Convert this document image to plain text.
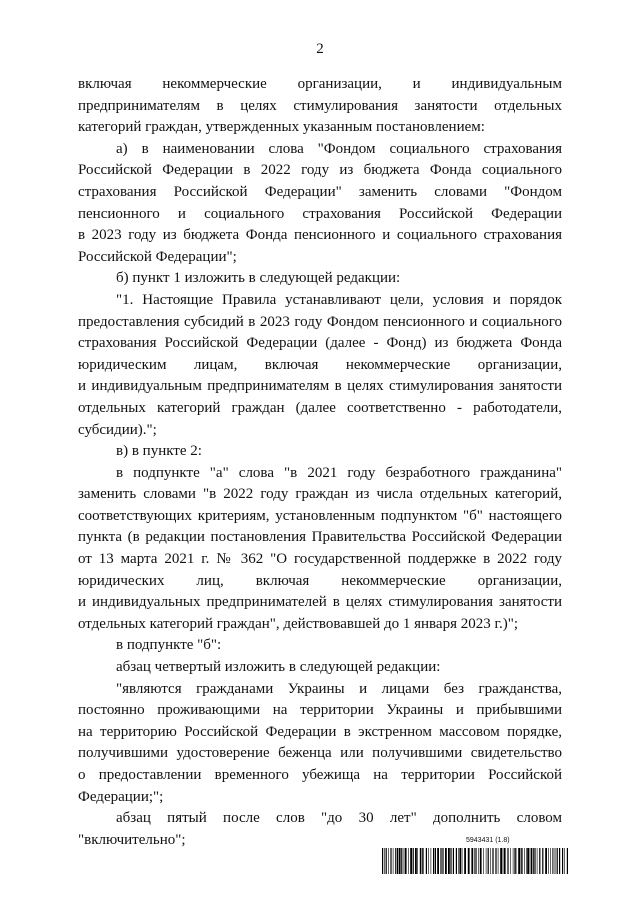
2
включая некоммерческие организации, и индивидуальным
предпринимателям в целях стимулирования занятости отдельных
категорий граждан, утвержденных указанным постановлением:
а) в наименовании слова "Фондом социального страхования
Российской Федерации в 2022 году из бюджета Фонда социального
страхования Российской Федерации" заменить словами "Фондом
пенсионного и социального страхования Российской Федерации
в 2023 году из бюджета Фонда пенсионного и социального страхования
Российской Федерации";
б) пункт 1 изложить в следующей редакции:
"1. Настоящие Правила устанавливают цели, условия и порядок
предоставления субсидий в 2023 году Фондом пенсионного и социального
страхования Российской Федерации (далее - Фонд) из бюджета Фонда
юридическим лицам, включая некоммерческие организации,
и индивидуальным предпринимателям в целях стимулирования занятости
отдельных категорий граждан (далее соответственно - работодатели,
субсидии).";
в) в пункте 2:
в подпункте "а" слова "в 2021 году безработного гражданина"
заменить словами "в 2022 году граждан из числа отдельных категорий,
соответствующих критериям, установленным подпунктом "б" настоящего
пункта (в редакции постановления Правительства Российской Федерации
от 13 марта 2021 г. № 362 "О государственной поддержке в 2022 году
юридических лиц, включая некоммерческие организации,
и индивидуальных предпринимателей в целях стимулирования занятости
отдельных категорий граждан", действовавшей до 1 января 2023 г.)";
в подпункте "б":
абзац четвертый изложить в следующей редакции:
"являются гражданами Украины и лицами без гражданства,
постоянно проживающими на территории Украины и прибывшими
на территорию Российской Федерации в экстренном массовом порядке,
получившими удостоверение беженца или получившими свидетельство
о предоставлении временного убежища на территории Российской
Федерации;";
абзац пятый после слов "до 30 лет" дополнить словом
"включительно";	5943431 (1.8)
